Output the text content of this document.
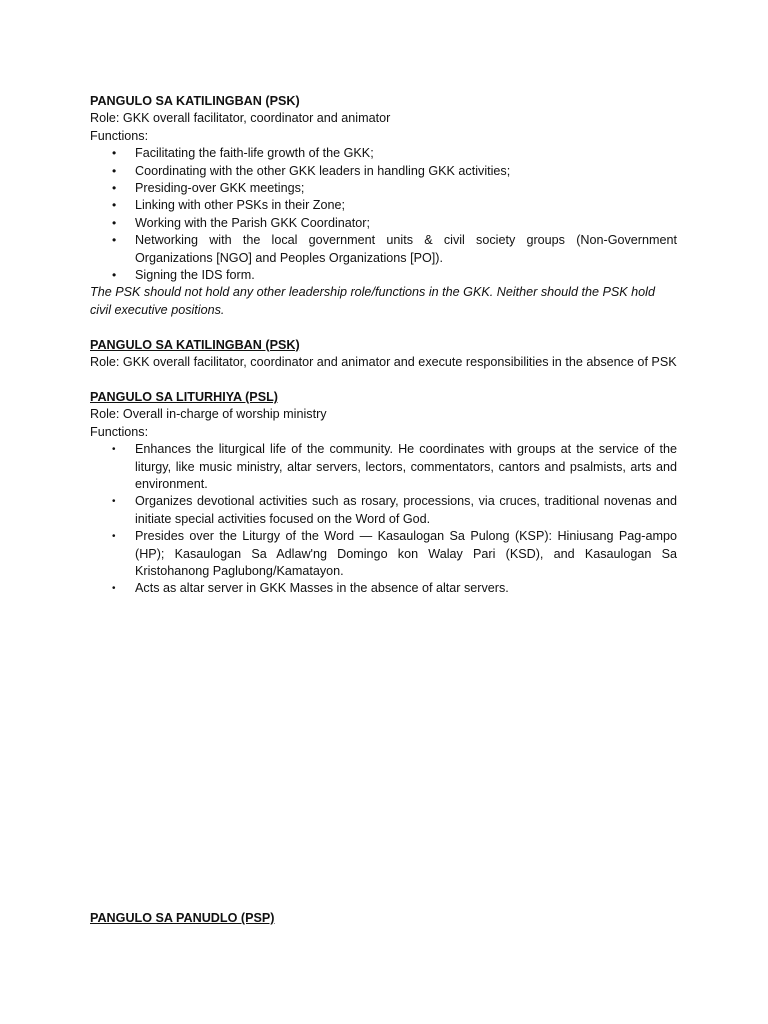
PANGULO SA KATILINGBAN (PSK)

Role: GKK overall facilitator, coordinator and animator

Functions:

• Facilitating the faith-life growth of the GKK;
• Coordinating with the other GKK leaders in handling GKK activities;
• Presiding-over GKK meetings;
• Linking with other PSKs in their Zone;
• Working with the Parish GKK Coordinator;
• Networking with the local government units & civil society groups (Non-Government Organizations [NGO] and Peoples Organizations [PO]).
• Signing the IDS form.

The PSK should not hold any other leadership role/functions in the GKK. Neither should the PSK hold civil executive positions.

PANGULO SA KATILINGBAN (PSK)

Role: GKK overall facilitator, coordinator and animator and execute responsibilities in the absence of PSK

PANGULO SA LITURHIYA (PSL)

Role: Overall in-charge of worship ministry

Functions:

• Enhances the liturgical life of the community. He coordinates with groups at the service of the liturgy, like music ministry, altar servers, lectors, commentators, cantors and psalmists, arts and environment.
• Organizes devotional activities such as rosary, processions, via cruces, traditional novenas and initiate special activities focused on the Word of God.
• Presides over the Liturgy of the Word — Kasaulogan Sa Pulong (KSP): Hiniusang Pag-ampo (HP); Kasaulogan Sa Adlaw'ng Domingo kon Walay Pari (KSD), and Kasaulogan Sa Kristohanong Paglubong/Kamatayon.
• Acts as altar server in GKK Masses in the absence of altar servers.

PANGULO SA PANUDLO (PSP)
